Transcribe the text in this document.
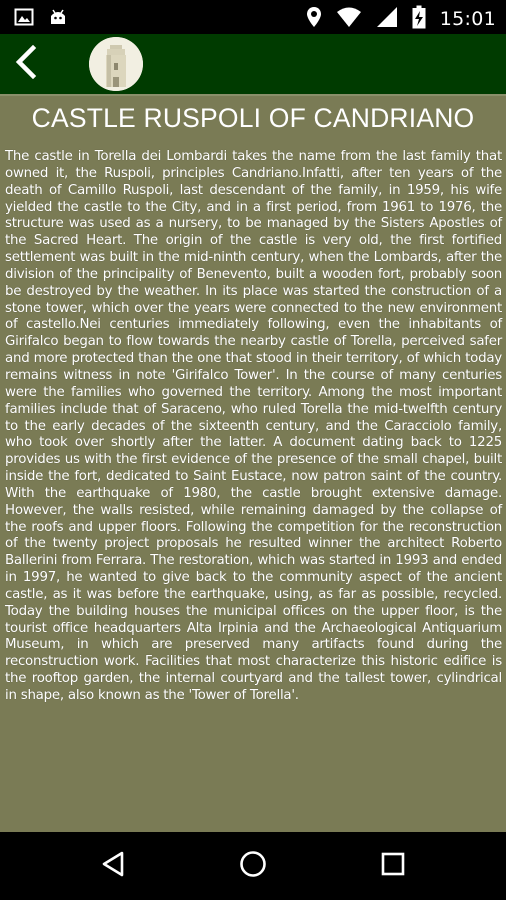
15:01
CASTLE RUSPOLI OF CANDRIANO

The castle in Torella dei Lombardi takes the name from the last family that owned it, the Ruspoli, principles Candriano.Infatti, after ten years of the death of Camillo Ruspoli, last descendant of the family, in 1959, his wife yielded the castle to the City, and in a first period, from 1961 to 1976, the structure was used as a nursery, to be managed by the Sisters Apostles of the Sacred Heart. The origin of the castle is very old, the first fortified settlement was built in the mid-ninth century, when the Lombards, after the division of the principality of Benevento, built a wooden fort, probably soon be destroyed by the weather. In its place was started the construction of a stone tower, which over the years were connected to the new environment of castello.Nei centuries immediately following, even the inhabitants of Girifalco began to flow towards the nearby castle of Torella, perceived safer and more protected than the one that stood in their territory, of which today remains witness in note 'Girifalco Tower'. In the course of many centuries were the families who governed the territory. Among the most important families include that of Saraceno, who ruled Torella the mid-twelfth century to the early decades of the sixteenth century, and the Caracciolo family, who took over shortly after the latter. A document dating back to 1225 provides us with the first evidence of the presence of the small chapel, built inside the fort, dedicated to Saint Eustace, now patron saint of the country. With the earthquake of 1980, the castle brought extensive damage. However, the walls resisted, while remaining damaged by the collapse of the roofs and upper floors. Following the competition for the reconstruction of the twenty project proposals he resulted winner the architect Roberto Ballerini from Ferrara. The restoration, which was started in 1993 and ended in 1997, he wanted to give back to the community aspect of the ancient castle, as it was before the earthquake, using, as far as possible, recycled. Today the building houses the municipal offices on the upper floor, is the tourist office headquarters Alta Irpinia and the Archaeological Antiquarium Museum, in which are preserved many artifacts found during the reconstruction work. Facilities that most characterize this historic edifice is the rooftop garden, the internal courtyard and the tallest tower, cylindrical in shape, also known as the 'Tower of Torella'.
